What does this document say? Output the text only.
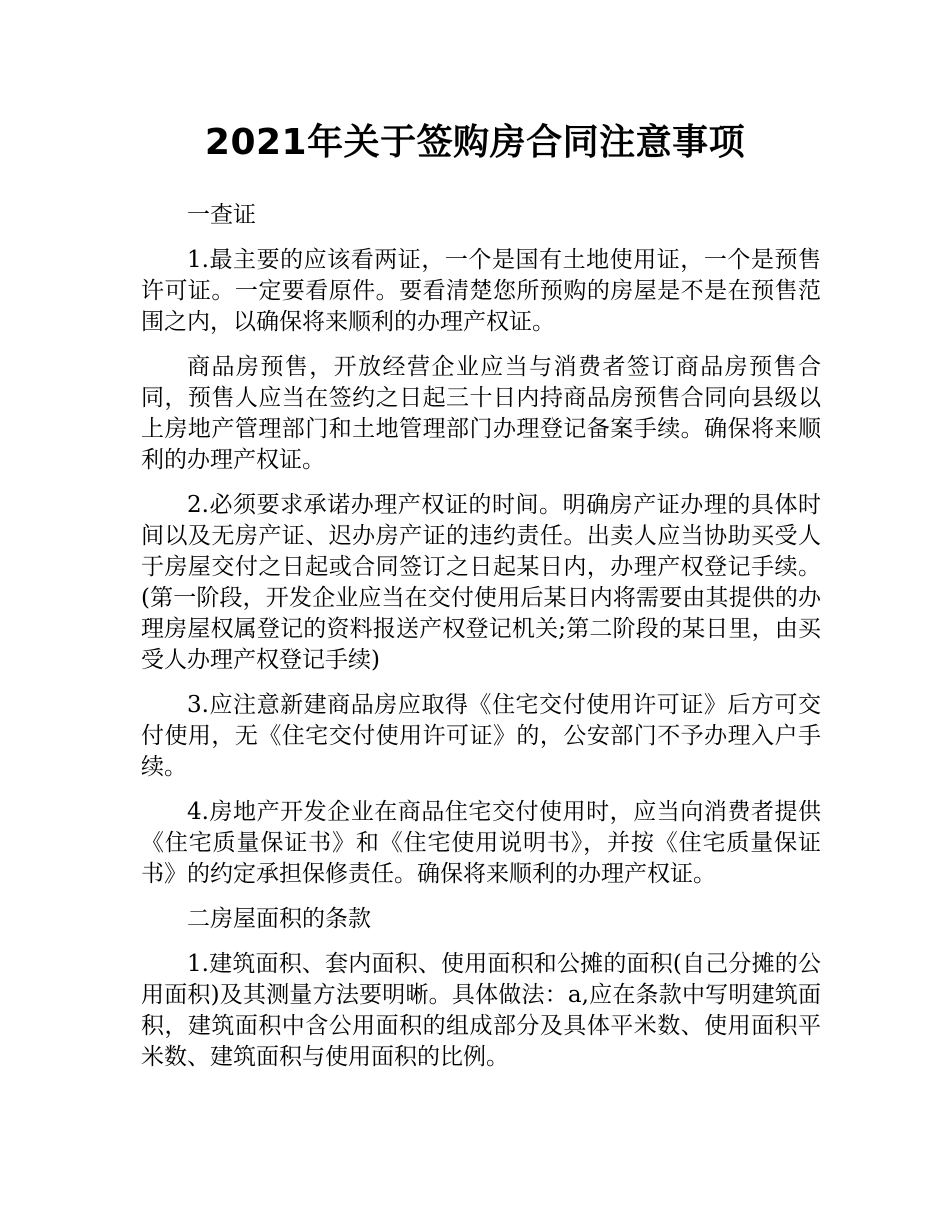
2021年关于签购房合同注意事项

一查证

1.最主要的应该看两证，一个是国有土地使用证，一个是预售许可证。一定要看原件。要看清楚您所预购的房屋是不是在预售范围之内，以确保将来顺利的办理产权证。

商品房预售，开放经营企业应当与消费者签订商品房预售合同，预售人应当在签约之日起三十日内持商品房预售合同向县级以上房地产管理部门和土地管理部门办理登记备案手续。确保将来顺利的办理产权证。

2.必须要求承诺办理产权证的时间。明确房产证办理的具体时间以及无房产证、迟办房产证的违约责任。出卖人应当协助买受人于房屋交付之日起或合同签订之日起某日内，办理产权登记手续。(第一阶段，开发企业应当在交付使用后某日内将需要由其提供的办理房屋权属登记的资料报送产权登记机关;第二阶段的某日里，由买受人办理产权登记手续)

3.应注意新建商品房应取得《住宅交付使用许可证》后方可交付使用，无《住宅交付使用许可证》的，公安部门不予办理入户手续。

4.房地产开发企业在商品住宅交付使用时，应当向消费者提供《住宅质量保证书》和《住宅使用说明书》，并按《住宅质量保证书》的约定承担保修责任。确保将来顺利的办理产权证。

二房屋面积的条款

1.建筑面积、套内面积、使用面积和公摊的面积(自己分摊的公用面积)及其测量方法要明晰。具体做法：a,应在条款中写明建筑面积，建筑面积中含公用面积的组成部分及具体平米数、使用面积平米数、建筑面积与使用面积的比例。
